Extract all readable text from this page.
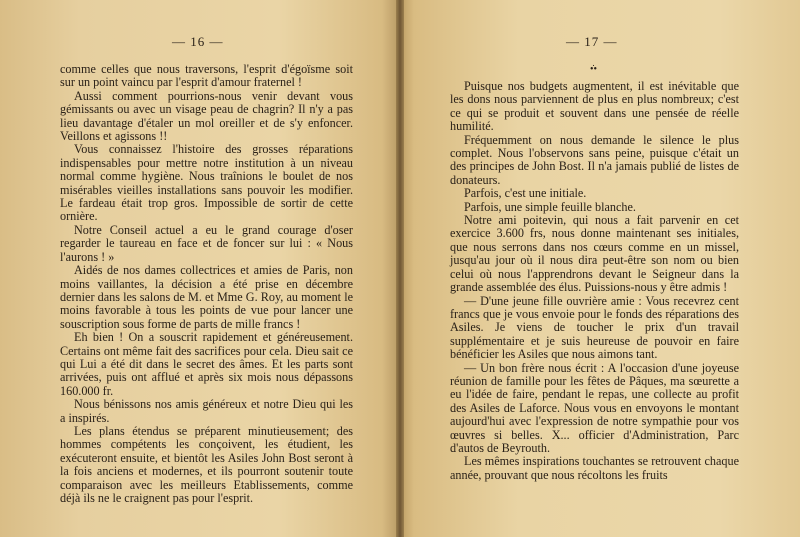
— 16 —

comme celles que nous traversons, l'esprit d'égoïsme soit sur un point vaincu par l'esprit d'amour fraternel !

Aussi comment pourrions-nous venir devant vous gémissants ou avec un visage peau de chagrin? Il n'y a pas lieu davantage d'étaler un mol oreiller et de s'y enfoncer. Veillons et agissons !!

Vous connaissez l'histoire des grosses réparations indispensables pour mettre notre institution à un niveau normal comme hygiène. Nous traînions le boulet de nos misérables vieilles installations sans pouvoir les modifier. Le fardeau était trop gros. Impossible de sortir de cette ornière.

Notre Conseil actuel a eu le grand courage d'oser regarder le taureau en face et de foncer sur lui : « Nous l'aurons ! »

Aidés de nos dames collectrices et amies de Paris, non moins vaillantes, la décision a été prise en décembre dernier dans les salons de M. et Mme G. Roy, au moment le moins favorable à tous les points de vue pour lancer une souscription sous forme de parts de mille francs !

Eh bien ! On a souscrit rapidement et généreusement. Certains ont même fait des sacrifices pour cela. Dieu sait ce qui Lui a été dit dans le secret des âmes. Et les parts sont arrivées, puis ont afflué et après six mois nous dépassons 160.000 fr.

Nous bénissons nos amis généreux et notre Dieu qui les a inspirés.

Les plans étendus se préparent minutieusement; des hommes compétents les conçoivent, les étudient, les exécuteront ensuite, et bientôt les Asiles John Bost seront à la fois anciens et modernes, et ils pourront soutenir toute comparaison avec les meilleurs Etablissements, comme déjà ils ne le craignent pas pour l'esprit.

— 17 —
•̇•

Puisque nos budgets augmentent, il est inévitable que les dons nous parviennent de plus en plus nombreux; c'est ce qui se produit et souvent dans une pensée de réelle humilité.

Fréquemment on nous demande le silence le plus complet. Nous l'observons sans peine, puisque c'était un des principes de John Bost. Il n'a jamais publié de listes de donateurs.

Parfois, c'est une initiale.

Parfois, une simple feuille blanche.

Notre ami poitevin, qui nous a fait parvenir en cet exercice 3.600 frs, nous donne maintenant ses initiales, que nous serrons dans nos cœurs comme en un missel, jusqu'au jour où il nous dira peut-être son nom ou bien celui où nous l'apprendrons devant le Seigneur dans la grande assemblée des élus. Puissions-nous y être admis !

— D'une jeune fille ouvrière amie : Vous recevrez cent francs que je vous envoie pour le fonds des réparations des Asiles. Je viens de toucher le prix d'un travail supplémentaire et je suis heureuse de pouvoir en faire bénéficier les Asiles que nous aimons tant.

— Un bon frère nous écrit : A l'occasion d'une joyeuse réunion de famille pour les fêtes de Pâques, ma sœurette a eu l'idée de faire, pendant le repas, une collecte au profit des Asiles de Laforce. Nous vous en envoyons le montant aujourd'hui avec l'expression de notre sympathie pour vos œuvres si belles. X... officier d'Administration, Parc d'autos de Beyrouth.

Les mêmes inspirations touchantes se retrouvent chaque année, prouvant que nous récoltons les fruits
